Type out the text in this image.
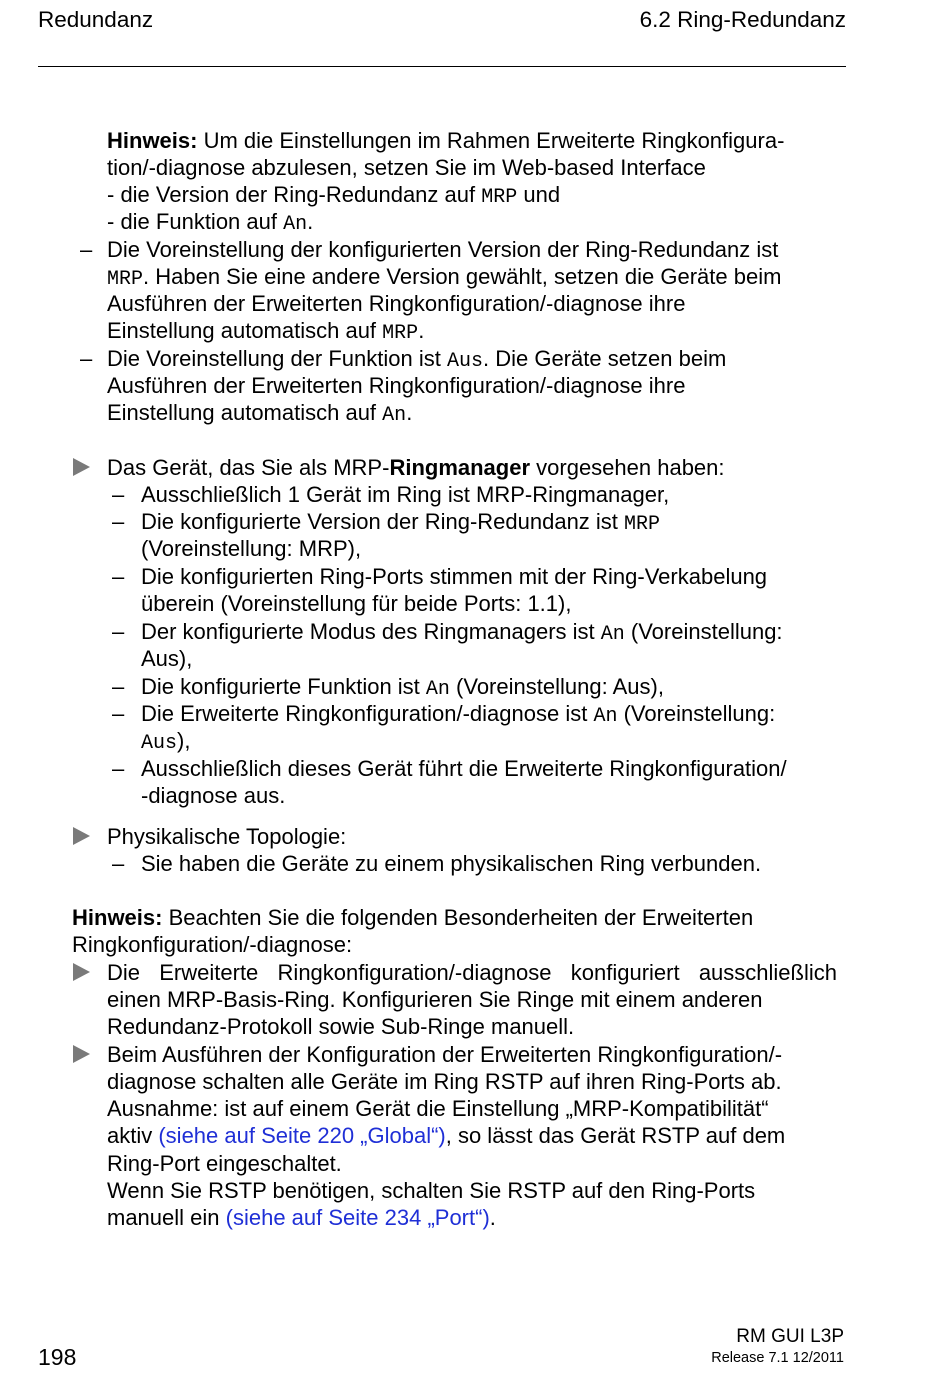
Redundanz	6.2 Ring-Redundanz
Hinweis: Um die Einstellungen im Rahmen Erweiterte Ringkonfigura-
tion/-diagnose abzulesen, setzen Sie im Web-based Interface
- die Version der Ring-Redundanz auf MRP und
- die Funktion auf An.
– Die Voreinstellung der konfigurierten Version der Ring-Redundanz ist
MRP. Haben Sie eine andere Version gewählt, setzen die Geräte beim
Ausführen der Erweiterten Ringkonfiguration/-diagnose ihre
Einstellung automatisch auf MRP.
– Die Voreinstellung der Funktion ist Aus. Die Geräte setzen beim
Ausführen der Erweiterten Ringkonfiguration/-diagnose ihre
Einstellung automatisch auf An.
Das Gerät, das Sie als MRP-Ringmanager vorgesehen haben:
– Ausschließlich 1 Gerät im Ring ist MRP-Ringmanager,
– Die konfigurierte Version der Ring-Redundanz ist MRP
(Voreinstellung: MRP),
– Die konfigurierten Ring-Ports stimmen mit der Ring-Verkabelung
überein (Voreinstellung für beide Ports: 1.1),
– Der konfigurierte Modus des Ringmanagers ist An (Voreinstellung:
Aus),
– Die konfigurierte Funktion ist An (Voreinstellung: Aus),
– Die Erweiterte Ringkonfiguration/-diagnose ist An (Voreinstellung:
Aus),
– Ausschließlich dieses Gerät führt die Erweiterte Ringkonfiguration/
-diagnose aus.
Physikalische Topologie:
– Sie haben die Geräte zu einem physikalischen Ring verbunden.
Hinweis: Beachten Sie die folgenden Besonderheiten der Erweiterten
Ringkonfiguration/-diagnose:
Die Erweiterte Ringkonfiguration/-diagnose konfiguriert ausschließlich
einen MRP-Basis-Ring. Konfigurieren Sie Ringe mit einem anderen
Redundanz-Protokoll sowie Sub-Ringe manuell.
Beim Ausführen der Konfiguration der Erweiterten Ringkonfiguration/-
diagnose schalten alle Geräte im Ring RSTP auf ihren Ring-Ports ab.
Ausnahme: ist auf einem Gerät die Einstellung „MRP-Kompatibilität“
aktiv (siehe auf Seite 220 „Global“), so lässt das Gerät RSTP auf dem
Ring-Port eingeschaltet.
Wenn Sie RSTP benötigen, schalten Sie RSTP auf den Ring-Ports
manuell ein (siehe auf Seite 234 „Port“).
198
RM GUI L3P
Release 7.1 12/2011
